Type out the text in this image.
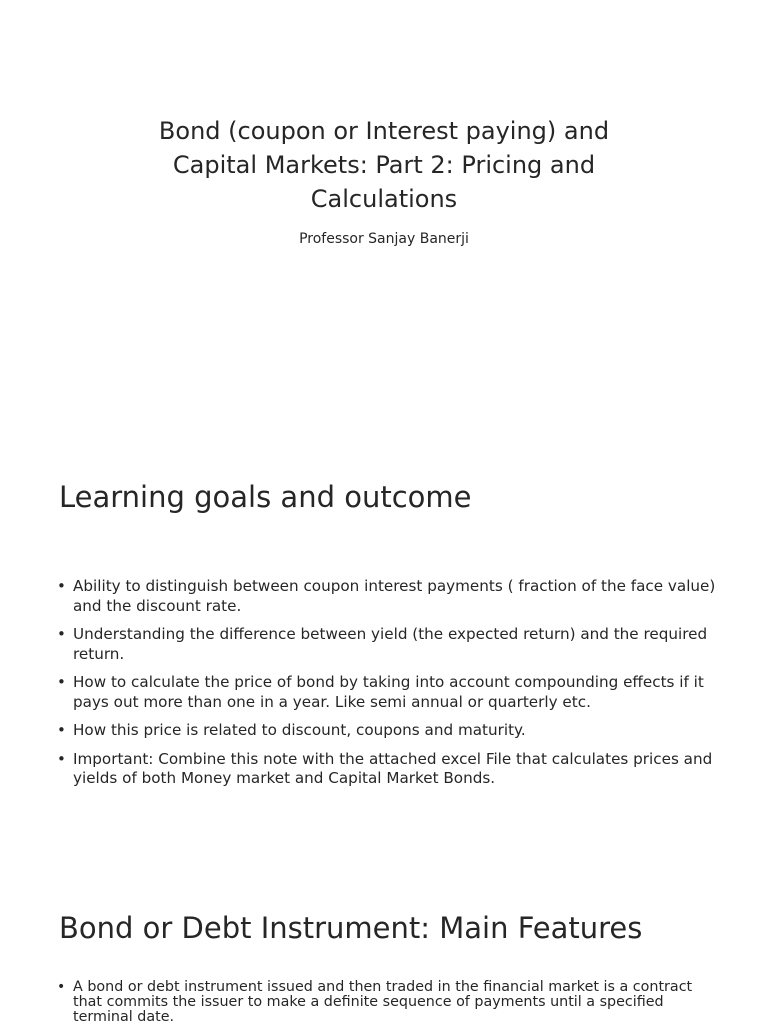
Bond (coupon or Interest paying) and
Capital Markets: Part 2: Pricing and
Calculations

Professor Sanjay Banerji

Learning goals and outcome
• Ability to distinguish between coupon interest payments ( fraction of the face value) and the discount rate.
• Understanding the difference between yield (the expected return) and the required return.
• How to calculate the price of bond by taking into account compounding effects if it pays out more than one in a year. Like semi annual or quarterly etc.
• How this price is related to discount, coupons and maturity.
• Important: Combine this note with the attached excel File that calculates prices and yields of both Money market and Capital Market Bonds.
Bond or Debt Instrument: Main Features
• A bond or debt instrument issued and then traded in the financial market is a contract that commits the issuer to make a definite sequence of payments until a specified terminal date.
